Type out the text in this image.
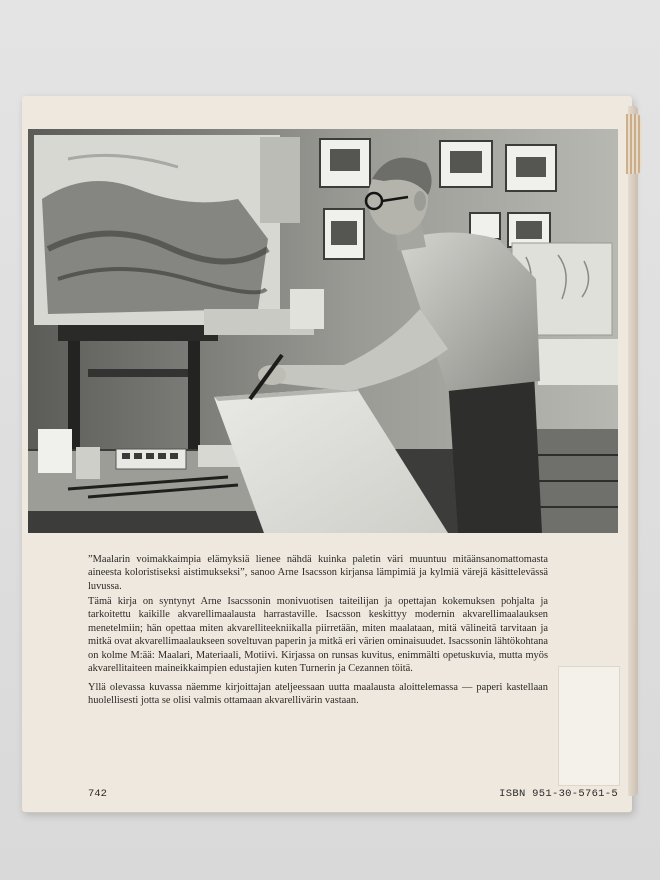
”Maalarin voimakkaimpia elämyksiä lienee nähdä kuinka paletin väri muuntuu mitäänsanomattomasta aineesta koloristiseksi aistimukseksi”, sanoo Arne Isacsson kirjansa lämpimiä ja kylmiä värejä käsittelevässä luvussa.

Tämä kirja on syntynyt Arne Isacssonin monivuotisen taiteilijan ja opettajan kokemuksen pohjalta ja tarkoitettu kaikille akvarellimaalausta harrastaville. Isacsson keskittyy modernin akvarellimaalauksen menetelmiin; hän opettaa miten akvarelliteekniikalla piirretään, miten maalataan, mitä välineitä tarvitaan ja mitkä ovat akvarellimaalaukseen soveltuvan paperin ja mitkä eri värien ominaisuudet. Isacssonin lähtökohtana on kolme M:ää: Maalari, Materiaali, Motiivi. Kirjassa on runsas kuvitus, enimmälti opetuskuvia, mutta myös akvarellitaiteen maineikkaimpien edustajien kuten Turnerin ja Cezannen töitä.

Yllä olevassa kuvassa näemme kirjoittajan ateljeessaan uutta maalausta aloittelemassa — paperi kastellaan huolellisesti jotta se olisi valmis ottamaan akvarellivärin vastaan.

742	ISBN 951-30-5761-5
